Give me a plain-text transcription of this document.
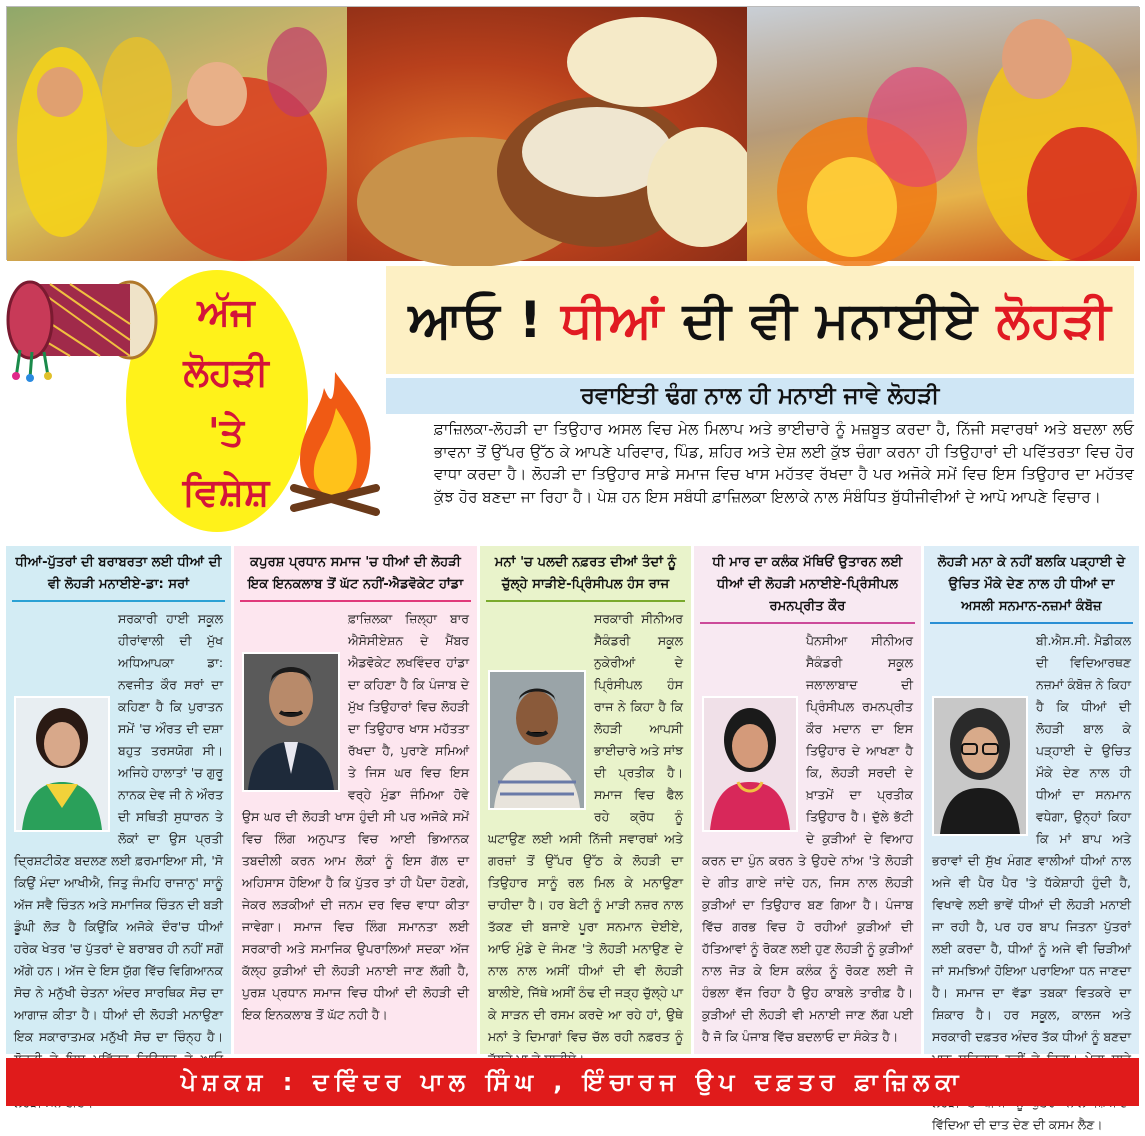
ਅੱਜ
ਲੋਹੜੀ
'ਤੇ
ਵਿਸ਼ੇਸ਼
ਆਓ ! ਧੀਆਂ ਦੀ ਵੀ ਮਨਾਈਏ ਲੋਹੜੀ
ਰਵਾਇਤੀ ਢੰਗ ਨਾਲ ਹੀ ਮਨਾਈ ਜਾਵੇ ਲੋਹੜੀ
ਫ਼ਾਜ਼ਿਲਕਾ-ਲੋਹੜੀ ਦਾ ਤਿਉਹਾਰ ਅਸਲ ਵਿਚ ਮੇਲ ਮਿਲਾਪ ਅਤੇ ਭਾਈਚਾਰੇ ਨੂੰ ਮਜ਼ਬੂਤ ਕਰਦਾ ਹੈ, ਨਿੱਜੀ ਸਵਾਰਥਾਂ ਅਤੇ ਬਦਲਾ ਲਓ ਭਾਵਨਾ ਤੋਂ ਉੱਪਰ ਉੱਠ ਕੇ ਆਪਣੇ ਪਰਿਵਾਰ, ਪਿੰਡ, ਸ਼ਹਿਰ ਅਤੇ ਦੇਸ਼ ਲਈ ਕੁੱਝ ਚੰਗਾ ਕਰਨਾ ਹੀ ਤਿਉਹਾਰਾਂ ਦੀ ਪਵਿੱਤਰਤਾ ਵਿਚ ਹੋਰ ਵਾਧਾ ਕਰਦਾ ਹੈ। ਲੋਹੜੀ ਦਾ ਤਿਉਹਾਰ ਸਾਡੇ ਸਮਾਜ ਵਿਚ ਖਾਸ ਮਹੱਤਵ ਰੱਖਦਾ ਹੈ ਪਰ ਅਜੋਕੇ ਸਮੇਂ ਵਿਚ ਇਸ ਤਿਉਹਾਰ ਦਾ ਮਹੱਤਵ ਕੁੱਝ ਹੋਰ ਬਣਦਾ ਜਾ ਰਿਹਾ ਹੈ। ਪੇਸ਼ ਹਨ ਇਸ ਸਬੰਧੀ ਫ਼ਾਜ਼ਿਲਕਾ ਇਲਾਕੇ ਨਾਲ ਸੰਬੰਧਿਤ ਬੁੱਧੀਜੀਵੀਆਂ ਦੇ ਆਪੋ ਆਪਣੇ ਵਿਚਾਰ।
ਧੀਆਂ-ਪੁੱਤਰਾਂ ਦੀ ਬਰਾਬਰਤਾ ਲਈ ਧੀਆਂ ਦੀ ਵੀ ਲੋਹੜੀ ਮਨਾਈਏ-ਡਾ: ਸਰਾਂ
ਸਰਕਾਰੀ ਹਾਈ ਸਕੂਲ ਹੀਰਾਂਵਾਲੀ ਦੀ ਮੁੱਖ ਅਧਿਆਪਕਾ ਡਾ: ਨਵਜੀਤ ਕੌਰ ਸਰਾਂ ਦਾ ਕਹਿਣਾ ਹੈ ਕਿ ਪੁਰਾਤਨ ਸਮੇਂ 'ਚ ਔਰਤ ਦੀ ਦਸ਼ਾ ਬਹੁਤ ਤਰਸਯੋਗ ਸੀ। ਅਜਿਹੇ ਹਾਲਾਤਾਂ 'ਚ ਗੁਰੂ ਨਾਨਕ ਦੇਵ ਜੀ ਨੇ ਔਰਤ ਦੀ ਸਥਿਤੀ ਸੁਧਾਰਨ ਤੇ ਲੋਕਾਂ ਦਾ ਉਸ ਪ੍ਰਤੀ ਦ੍ਰਿਸ਼ਟੀਕੋਣ ਬਦਲਣ ਲਈ ਫ਼ਰਮਾਇਆ ਸੀ, 'ਸੋ ਕਿਉਂ ਮੰਦਾ ਆਖੀਐ, ਜਿਤੁ ਜੰਮਹਿ ਰਾਜਾਨੁ' ਸਾਨੂੰ ਅੱਜ ਸਵੈ ਚਿੰਤਨ ਅਤੇ ਸਮਾਜਿਕ ਚਿੰਤਨ ਦੀ ਬੜੀ ਡੂੰਘੀ ਲੋੜ ਹੈ ਕਿਉਂਕਿ ਅਜੋਕੇ ਦੌਰ'ਚ ਧੀਆਂ ਹਰੇਕ ਖੇਤਰ 'ਚ ਪੁੱਤਰਾਂ ਦੇ ਬਰਾਬਰ ਹੀ ਨਹੀਂ ਸਗੋਂ ਅੱਗੇ ਹਨ। ਅੱਜ ਦੇ ਇਸ ਯੁੱਗ ਵਿੱਚ ਵਿਗਿਆਨਕ ਸੋਚ ਨੇ ਮਨੁੱਖੀ ਚੇਤਨਾ ਅੰਦਰ ਸਾਰਥਿਕ ਸੋਚ ਦਾ ਆਗਾਜ਼ ਕੀਤਾ ਹੈ। ਧੀਆਂ ਦੀ ਲੋਹੜੀ ਮਨਾਉਣਾ ਇਕ ਸਕਾਰਾਤਮਕ ਮਨੁੱਖੀ ਸੋਚ ਦਾ ਚਿੰਨ੍ਹ ਹੈ।
ਕਪੁਰਸ਼ ਪ੍ਰਧਾਨ ਸਮਾਜ 'ਚ ਧੀਆਂ ਦੀ ਲੋਹੜੀ ਇਕ ਇਨਕਲਾਬ ਤੋਂ ਘੱਟ ਨਹੀਂ-ਐਡਵੋਕੇਟ ਹਾਂਡਾ
ਫ਼ਾਜ਼ਿਲਕਾ ਜ਼ਿਲ੍ਹਾ ਬਾਰ ਐਸੋਸੀਏਸ਼ਨ ਦੇ ਮੈਂਬਰ ਐਡਵੋਕੇਟ ਲਖਵਿੰਦਰ ਹਾਂਡਾ ਦਾ ਕਹਿਣਾ ਹੈ ਕਿ ਪੰਜਾਬ ਦੇ ਮੁੱਖ ਤਿਉਹਾਰਾਂ ਵਿਚ ਲੋਹੜੀ ਦਾ ਤਿਉਹਾਰ ਖਾਸ ਮਹੱਤਤਾ ਰੱਖਦਾ ਹੈ, ਪੁਰਾਣੇ ਸਮਿਆਂ ਤੇ ਜਿਸ ਘਰ ਵਿਚ ਇਸ ਵਰ੍ਹੇ ਮੁੰਡਾ ਜੰਮਿਆ ਹੋਵੇ ਉਸ ਘਰ ਦੀ ਲੋਹੜੀ ਖਾਸ ਹੁੰਦੀ ਸੀ ਪਰ ਅਜੋਕੇ ਸਮੇਂ ਵਿਚ ਲਿੰਗ ਅਨੁਪਾਤ ਵਿਚ ਆਈ ਭਿਆਨਕ ਤਬਦੀਲੀ ਕਰਨ ਆਮ ਲੋਕਾਂ ਨੂੰ ਇਸ ਗੱਲ ਦਾ ਅਹਿਸਾਸ ਹੋਇਆ ਹੈ ਕਿ ਪੁੱਤਰ ਤਾਂ ਹੀ ਪੈਦਾ ਹੋਣਗੇ, ਜੇਕਰ ਲੜਕੀਆਂ ਦੀ ਜਨਮ ਦਰ ਵਿਚ ਵਾਧਾ ਕੀਤਾ ਜਾਵੇਗਾ। ਸਮਾਜ ਵਿਚ ਲਿੰਗ ਸਮਾਨਤਾ ਲਈ ਸਰਕਾਰੀ ਅਤੇ ਸਮਾਜਿਕ ਉਪਰਾਲਿਆਂ ਸਦਕਾ ਅੱਜ ਕੱਲ੍ਹ ਕੁੜੀਆਂ ਦੀ ਲੋਹੜੀ ਮਨਾਈ ਜਾਣ ਲੱਗੀ ਹੈ, ਪੁਰਸ਼ ਪ੍ਰਧਾਨ ਸਮਾਜ ਵਿਚ ਧੀਆਂ ਦੀ ਲੋਹੜੀ ਦੀ ਇਕ ਇਨਕਲਾਬ ਤੋਂ ਘੱਟ ਨਹੀ ਹੈ।
ਮਨਾਂ 'ਚ ਪਲਦੀ ਨਫ਼ਰਤ ਦੀਆਂ ਤੰਦਾਂ ਨੂੰ ਚੁੱਲ੍ਹੇ ਸਾੜੀਏ-ਪ੍ਰਿੰਸੀਪਲ ਹੰਸ ਰਾਜ
ਸਰਕਾਰੀ ਸੀਨੀਅਰ ਸੈਕੰਡਰੀ ਸਕੂਲ ਨੁਕੇਰੀਆਂ ਦੇ ਪ੍ਰਿੰਸੀਪਲ ਹੰਸ ਰਾਜ ਨੇ ਕਿਹਾ ਹੈ ਕਿ ਲੋਹੜੀ ਆਪਸੀ ਭਾਈਚਾਰੇ ਅਤੇ ਸਾਂਝ ਦੀ ਪ੍ਰਤੀਕ ਹੈ। ਸਮਾਜ ਵਿਚ ਫੈਲ ਰਹੇ ਕ੍ਰੋਧ ਨੂੰ ਘਟਾਉਣ ਲਈ ਅਸੀ ਨਿੱਜੀ ਸਵਾਰਥਾਂ ਅਤੇ ਗਰਜ਼ਾਂ ਤੋਂ ਉੱਪਰ ਉੱਠ ਕੇ ਲੋਹੜੀ ਦਾ ਤਿਉਹਾਰ ਸਾਨੂੰ ਰਲ ਮਿਲ ਕੇ ਮਨਾਉਣਾ ਚਾਹੀਦਾ ਹੈ। ਹਰ ਬੇਟੀ ਨੂੰ ਮਾੜੀ ਨਜ਼ਰ ਨਾਲ ਤੱਕਣ ਦੀ ਬਜਾਏ ਪੂਰਾ ਸਨਮਾਨ ਦੇਈਏ, ਆਓ ਮੁੰਡੇ ਦੇ ਜੰਮਣ 'ਤੇ ਲੋਹੜੀ ਮਨਾਉਣ ਦੇ ਨਾਲ ਨਾਲ ਅਸੀਂ ਧੀਆਂ ਦੀ ਵੀ ਲੋਹੜੀ ਬਾਲੀਏ, ਜਿੱਥੇ ਅਸੀਂ ਠੰਢ ਦੀ ਜੜ੍ਹ ਚੁੱਲ੍ਹੇ ਪਾ ਕੇ ਸਾੜਨ ਦੀ ਰਸਮ ਕਰਦੇ ਆ ਰਹੇ ਹਾਂ, ਉਥੇ ਮਨਾਂ ਤੇ ਦਿਮਾਗਾਂ ਵਿਚ ਚੱਲ ਰਹੀ ਨਫ਼ਰਤ ਨੂੰ
ਧੀ ਮਾਰ ਦਾ ਕਲੰਕ ਮੱਥਿਓਂ ਉਤਾਰਨ ਲਈ ਧੀਆਂ ਦੀ ਲੋਹੜੀ ਮਨਾਈਏ-ਪ੍ਰਿੰਸੀਪਲ ਰਮਨਪ੍ਰੀਤ ਕੌਰ
ਪੈਨਸੀਆ ਸੀਨੀਅਰ ਸੈਕੰਡਰੀ ਸਕੂਲ ਜਲਾਲਾਬਾਦ ਦੀ ਪ੍ਰਿੰਸੀਪਲ ਰਮਨਪ੍ਰੀਤ ਕੌਰ ਮਦਾਨ ਦਾ ਇਸ ਤਿਉਹਾਰ ਦੇ ਆਖਣਾ ਹੈ ਕਿ, ਲੋਹੜੀ ਸਰਦੀ ਦੇ ਖ਼ਾਤਮੇਂ ਦਾ ਪ੍ਰਤੀਕ ਤਿਉਹਾਰ ਹੈ। ਦੁੱਲੇ ਭੱਟੀ ਦੇ ਕੁੜੀਆਂ ਦੇ ਵਿਆਹ ਕਰਨ ਦਾ ਪੁੰਨ ਕਰਨ ਤੇ ਉਹਦੇ ਨਾਂਅ 'ਤੇ ਲੋਹੜੀ ਦੇ ਗੀਤ ਗਾਏ ਜਾਂਦੇ ਹਨ, ਜਿਸ ਨਾਲ ਲੋਹੜੀ ਕੁੜੀਆਂ ਦਾ ਤਿਉਹਾਰ ਬਣ ਗਿਆ ਹੈ। ਪੰਜਾਬ ਵਿੱਚ ਗਰਭ ਵਿਚ ਹੋ ਰਹੀਆਂ ਕੁੜੀਆਂ ਦੀ ਹੱਤਿਆਵਾਂ ਨੂੰ ਰੋਕਣ ਲਈ ਹੁਣ ਲੋਹੜੀ ਨੂੰ ਕੁੜੀਆਂ ਨਾਲ ਜੋੜ ਕੇ ਇਸ ਕਲੰਕ ਨੂੰ ਰੋਕਣ ਲਈ ਜੋ ਹੰਭਲਾ ਵੱਜ ਰਿਹਾ ਹੈ ਉਹ ਕਾਬਲੇ ਤਾਰੀਫ਼ ਹੈ। ਕੁੜੀਆਂ ਦੀ ਲੋਹੜੀ ਵੀ ਮਨਾਈ ਜਾਣ ਲੱਗ ਪਈ ਹੈ ਜੋ ਕਿ ਪੰਜਾਬ ਵਿੱਚ ਬਦਲਾਓ ਦਾ ਸੰਕੇਤ ਹੈ।
ਲੋਹੜੀ ਮਨਾ ਕੇ ਨਹੀਂ ਬਲਕਿ ਪੜ੍ਹਾਈ ਦੇ ਉਚਿਤ ਮੌਕੇ ਦੇਣ ਨਾਲ ਹੀ ਧੀਆਂ ਦਾ ਅਸਲੀ ਸਨਮਾਨ-ਨਜ਼ਮਾਂ ਕੰਬੋਜ਼
ਬੀ.ਐਸ.ਸੀ. ਮੈਡੀਕਲ ਦੀ ਵਿਦਿਆਰਥਣ ਨਜ਼ਮਾਂ ਕੰਬੋਜ਼ ਨੇ ਕਿਹਾ ਹੈ ਕਿ ਧੀਆਂ ਦੀ ਲੋਹੜੀ ਬਾਲ ਕੇ ਪੜ੍ਹਾਈ ਦੇ ਉਚਿਤ ਮੌਕੇ ਦੇਣ ਨਾਲ ਹੀ ਧੀਆਂ ਦਾ ਸਨਮਾਨ ਵਧੇਗਾ, ਉਨ੍ਹਾਂ ਕਿਹਾ ਕਿ ਮਾਂ ਬਾਪ ਅਤੇ ਭਰਾਵਾਂ ਦੀ ਸੁੱਖ ਮੰਗਣ ਵਾਲੀਆਂ ਧੀਆਂ ਨਾਲ ਅਜੇ ਵੀ ਪੈਰ ਪੈਰ 'ਤੇ ਧੱਕੇਸ਼ਾਹੀ ਹੁੰਦੀ ਹੈ, ਵਿਖਾਵੇ ਲਈ ਭਾਵੇਂ ਧੀਆਂ ਦੀ ਲੋਹੜੀ ਮਨਾਈ ਜਾ ਰਹੀ ਹੈ, ਪਰ ਹਰ ਬਾਪ ਜਿਤਨਾ ਪੁੱਤਰਾਂ ਲਈ ਕਰਦਾ ਹੈ, ਧੀਆਂ ਨੂੰ ਅਜੇ ਵੀ ਚਿੜੀਆਂ ਜਾਂ ਸਮਝਿਆਂ ਹੋਇਆ ਪਰਾਇਆ ਧਨ ਜਾਣਦਾ ਹੈ। ਸਮਾਜ ਦਾ ਵੱਡਾ ਤਬਕਾ ਵਿਤਕਰੇ ਦਾ ਸ਼ਿਕਾਰ ਹੈ। ਹਰ ਸਕੂਲ, ਕਾਲਜ ਅਤੇ ਸਰਕਾਰੀ ਦਫ਼ਤਰ ਅੰਦਰ ਤੱਕ ਧੀਆਂ ਨੂੰ ਬਣਦਾ ਵਿੱਦਿਆ ਦੀ ਦਾਤ ਦੇਣ ਦੀ ਕਸਮ ਲੈਣ।
ਪੇਸ਼ਕਸ਼ : ਦਵਿੰਦਰ ਪਾਲ ਸਿੰਘ , ਇੰਚਾਰਜ ਉਪ ਦਫ਼ਤਰ ਫ਼ਾਜ਼ਿਲਕਾ
